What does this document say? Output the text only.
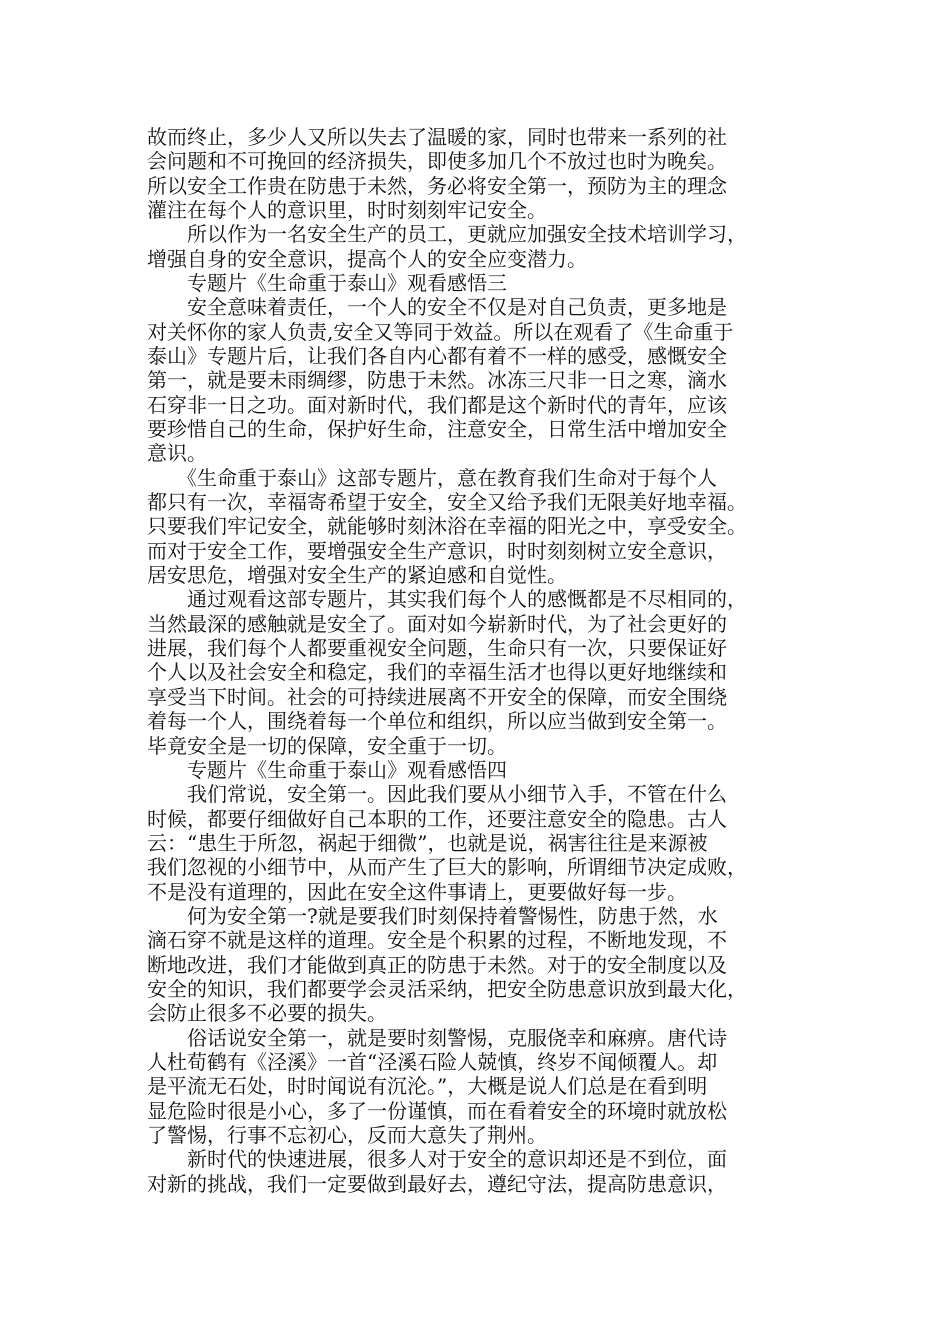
故而终止，多少人又所以失去了温暖的家，同时也带来一系列的社

会问题和不可挽回的经济损失，即使多加几个不放过也时为晚矣。

所以安全工作贵在防患于未然，务必将安全第一，预防为主的理念

灌注在每个人的意识里，时时刻刻牢记安全。

　　所以作为一名安全生产的员工，更就应加强安全技术培训学习，

增强自身的安全意识，提高个人的安全应变潜力。

　　专题片《生命重于泰山》观看感悟三

　　安全意味着责任，一个人的安全不仅是对自己负责，更多地是

对关怀你的家人负责,安全又等同于效益。所以在观看了《生命重于

泰山》专题片后，让我们各自内心都有着不一样的感受，感慨安全

第一，就是要未雨绸缪，防患于未然。冰冻三尺非一日之寒，滴水

石穿非一日之功。面对新时代，我们都是这个新时代的青年，应该

要珍惜自己的生命，保护好生命，注意安全，日常生活中增加安全

意识。

　　《生命重于泰山》这部专题片，意在教育我们生命对于每个人

都只有一次，幸福寄希望于安全，安全又给予我们无限美好地幸福。

只要我们牢记安全，就能够时刻沐浴在幸福的阳光之中，享受安全。

而对于安全工作，要增强安全生产意识，时时刻刻树立安全意识，

居安思危，增强对安全生产的紧迫感和自觉性。

　　通过观看这部专题片，其实我们每个人的感慨都是不尽相同的，

当然最深的感触就是安全了。面对如今崭新时代，为了社会更好的

进展，我们每个人都要重视安全问题，生命只有一次，只要保证好

个人以及社会安全和稳定，我们的幸福生活才也得以更好地继续和

享受当下时间。社会的可持续进展离不开安全的保障，而安全围绕

着每一个人，围绕着每一个单位和组织，所以应当做到安全第一。

毕竟安全是一切的保障，安全重于一切。

　　专题片《生命重于泰山》观看感悟四

　　我们常说，安全第一。因此我们要从小细节入手，不管在什么

时候，都要仔细做好自己本职的工作，还要注意安全的隐患。古人

云：“患生于所忽，祸起于细微”，也就是说，祸害往往是来源被

我们忽视的小细节中，从而产生了巨大的影响，所谓细节决定成败，

不是没有道理的，因此在安全这件事请上，更要做好每一步。

　　何为安全第一?就是要我们时刻保持着警惕性，防患于然，水

滴石穿不就是这样的道理。安全是个积累的过程，不断地发现，不

断地改进，我们才能做到真正的防患于未然。对于的安全制度以及

安全的知识，我们都要学会灵活采纳，把安全防患意识放到最大化，

会防止很多不必要的损失。

　　俗话说安全第一，就是要时刻警惕，克服侥幸和麻痹。唐代诗

人杜荀鹤有《泾溪》一首“泾溪石险人兢慎，终岁不闻倾覆人。却

是平流无石处，时时闻说有沉沦。”，大概是说人们总是在看到明

显危险时很是小心，多了一份谨慎，而在看着安全的环境时就放松

了警惕，行事不忘初心，反而大意失了荆州。

　　新时代的快速进展，很多人对于安全的意识却还是不到位，面

对新的挑战，我们一定要做到最好去，遵纪守法，提高防患意识，
